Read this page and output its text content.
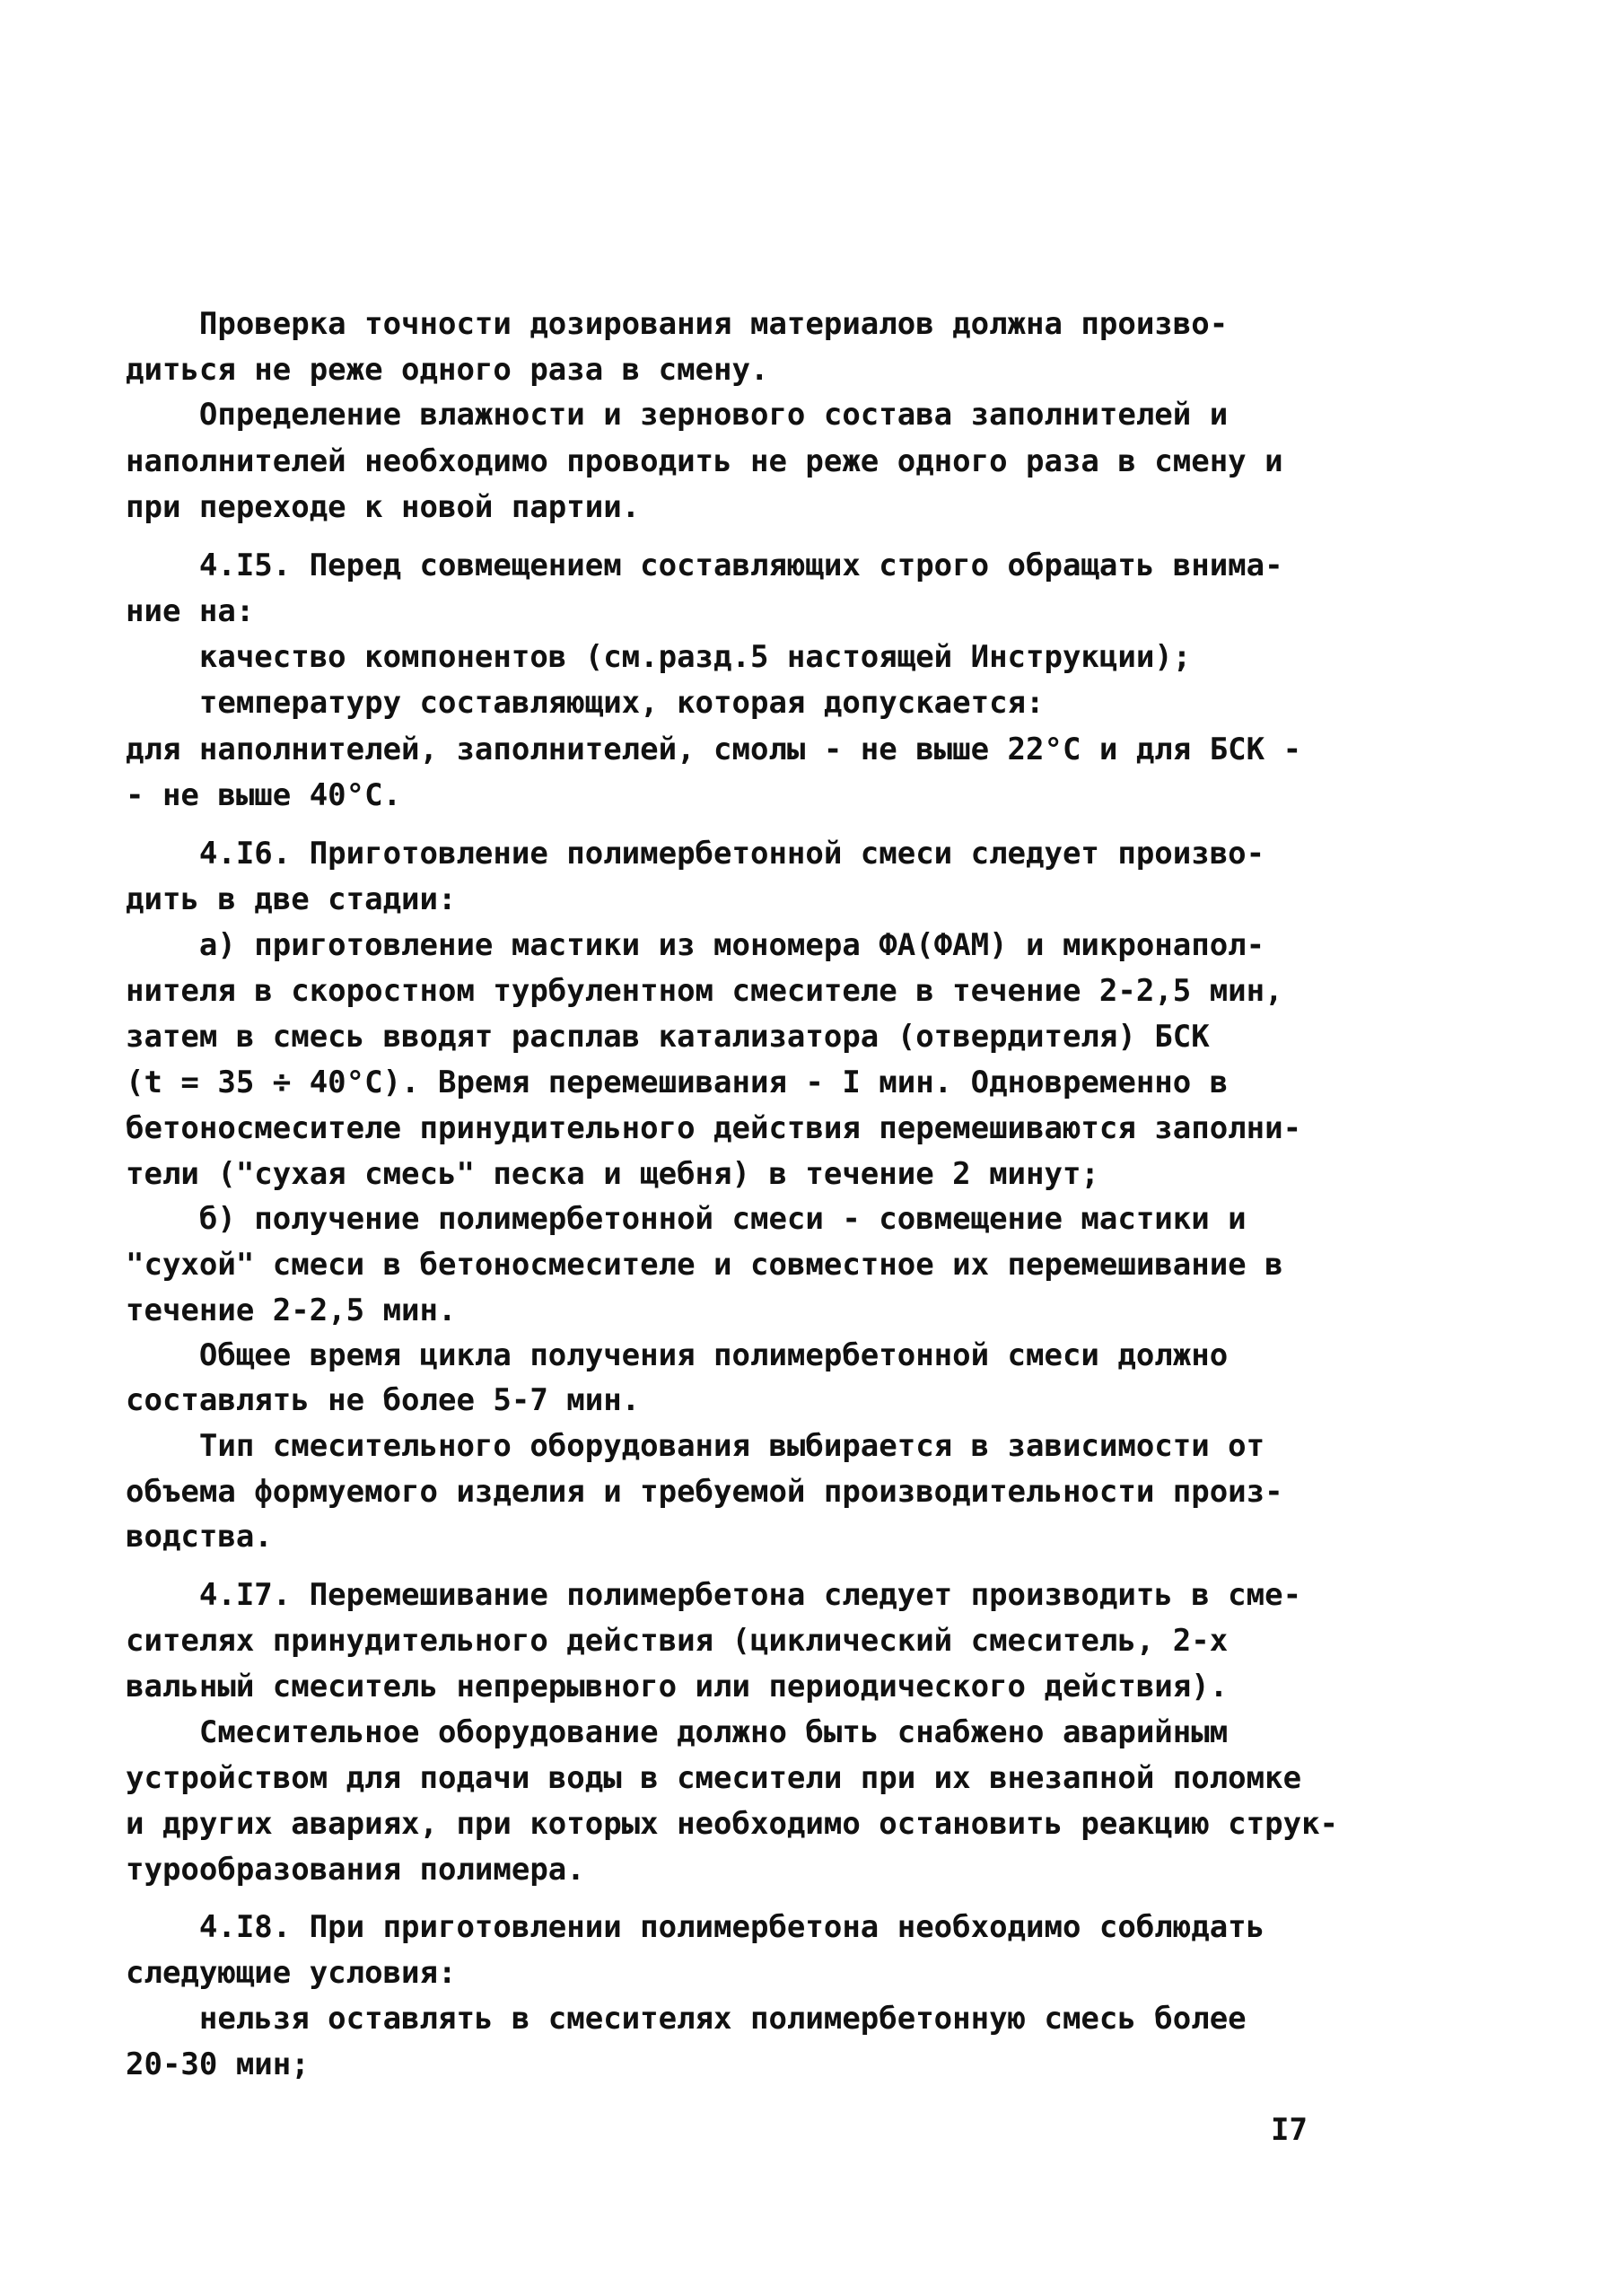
Проверка точности дозирования материалов должна произво-
диться не реже одного раза в смену.
Определение влажности и зернового состава заполнителей и
наполнителей необходимо проводить не реже одного раза в смену и
при переходе к новой партии.
4.I5. Перед совмещением составляющих строго обращать внима-
ние на:
качество компонентов (см.разд.5 настоящей Инструкции);
температуру составляющих, которая допускается:
для наполнителей, заполнителей, смолы - не выше 22°С и для БСК -
- не выше 40°С.
4.I6. Приготовление полимербетонной смеси следует произво-
дить в две стадии:
а) приготовление мастики из мономера ФА(ФАМ) и микронапол-
нителя в скоростном турбулентном смесителе в течение 2-2,5 мин,
затем в смесь вводят расплав катализатора (отвердителя) БСК
(t = 35 ÷ 40°С). Время перемешивания - I мин. Одновременно в
бетоносмесителе принудительного действия перемешиваются заполни-
тели ("сухая смесь" песка и щебня) в течение 2 минут;
б) получение полимербетонной смеси - совмещение мастики и
"сухой" смеси в бетоносмесителе и совместное их перемешивание в
течение 2-2,5 мин.
Общее время цикла получения полимербетонной смеси должно
составлять не более 5-7 мин.
Тип смесительного оборудования выбирается в зависимости от
объема формуемого изделия и требуемой производительности произ-
водства.
4.I7. Перемешивание полимербетона следует производить в сме-
сителях принудительного действия (циклический смеситель, 2-х
вальный смеситель непрерывного или периодического действия).
Смесительное оборудование должно быть снабжено аварийным
устройством для подачи воды в смесители при их внезапной поломке
и других авариях, при которых необходимо остановить реакцию струк-
турообразования полимера.
4.I8. При приготовлении полимербетона необходимо соблюдать
следующие условия:
нельзя оставлять в смесителях полимербетонную смесь более
20-30 мин;
I7
